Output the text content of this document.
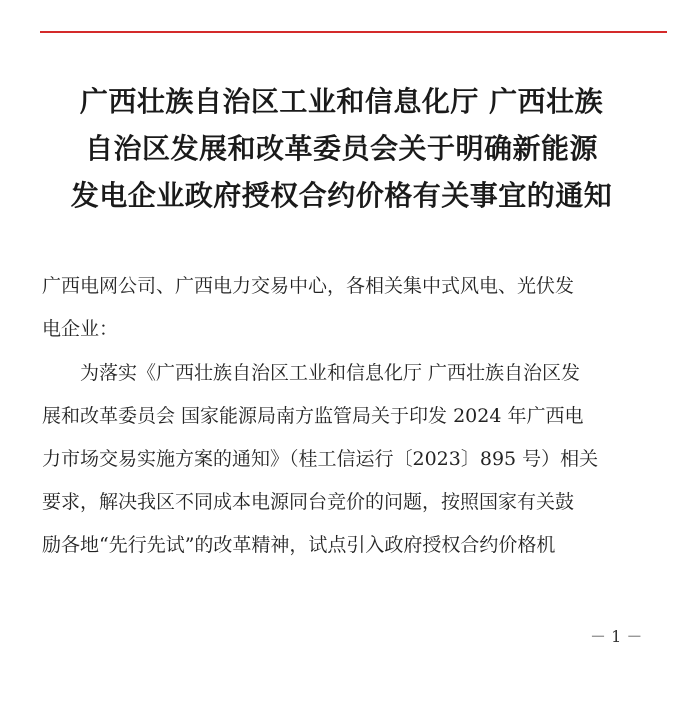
广西壮族自治区工业和信息化厅 广西壮族
自治区发展和改革委员会关于明确新能源
发电企业政府授权合约价格有关事宜的通知
广西电网公司、广西电力交易中心，各相关集中式风电、光伏发
电企业：
为落实《广西壮族自治区工业和信息化厅 广西壮族自治区发
展和改革委员会 国家能源局南方监管局关于印发 2024 年广西电
力市场交易实施方案的通知》（桂工信运行〔2023〕895 号）相关
要求，解决我区不同成本电源同台竞价的问题，按照国家有关鼓
励各地“先行先试”的改革精神，试点引入政府授权合约价格机
－ 1 －
